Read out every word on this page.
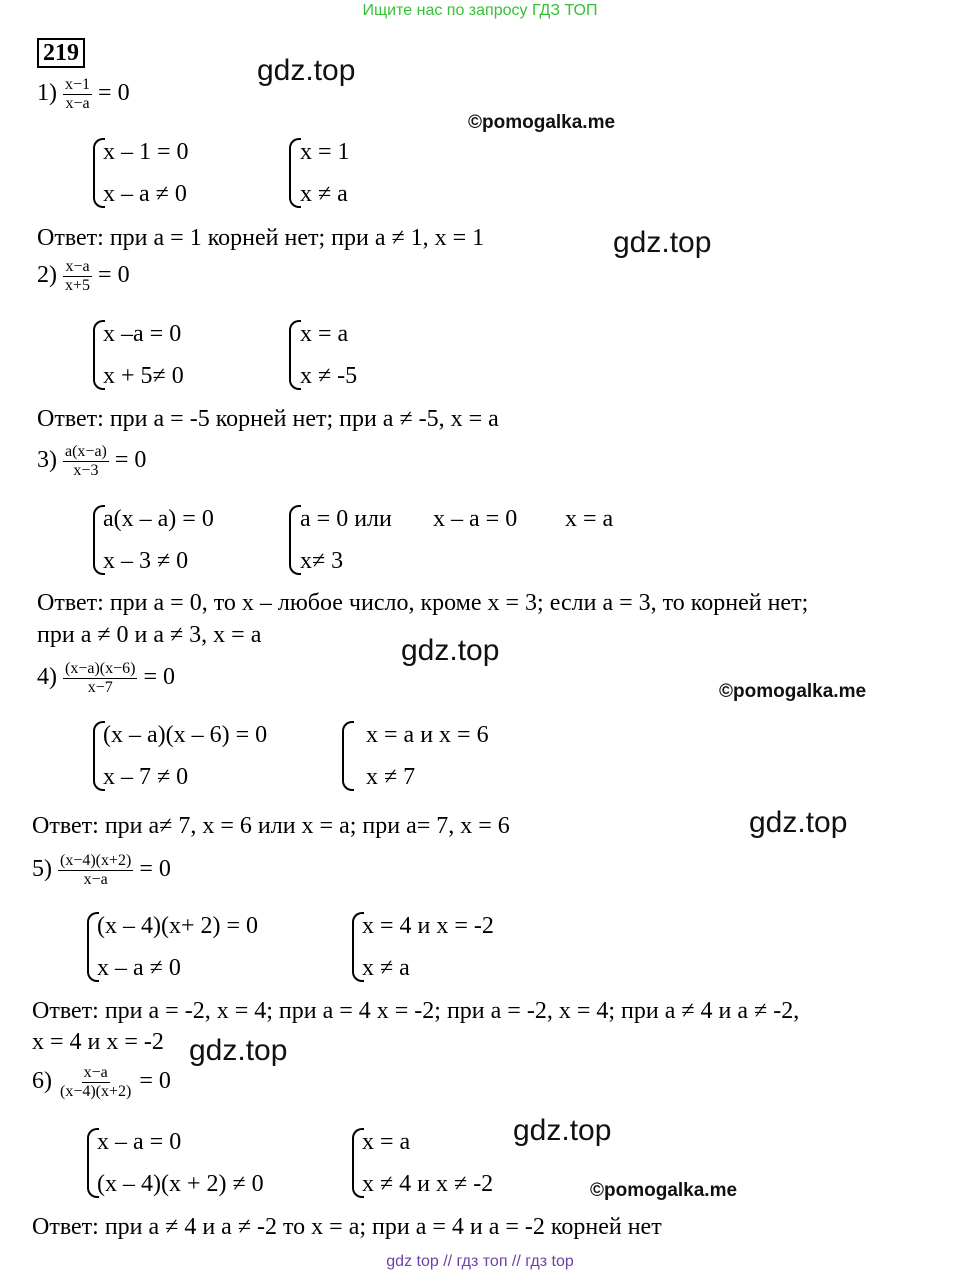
Ищите нас по запросу ГДЗ ТОП
gdz top // гдз топ // гдз top
219
gdz.top
gdz.top
gdz.top
gdz.top
gdz.top
gdz.top
©pomogalka.me
©pomogalka.me
©pomogalka.me
$1) \frac{x-1}{x-a} = 0$
x – 1 = 0
x – a ≠ 0
x = 1
x ≠ a
Ответ: при a = 1 корней нет; при a ≠ 1, x = 1
$2) \frac{x-a}{x+5} = 0$
x –a = 0
x + 5≠ 0
x = a
x ≠ -5
Ответ: при a = -5 корней нет; при a ≠ -5, x = a
$3) \frac{a(x-a)}{x-3} = 0$
a(x – a) = 0
x – 3 ≠ 0
a = 0 или
x≠ 3
x – a = 0 x = a
Ответ: при a = 0, то x – любое число, кроме x = 3; если a = 3, то корней нет;
при a ≠ 0 и a ≠ 3, x = a
$4) \frac{(x-a)(x-6)}{x-7} = 0$
(x – a)(x – 6) = 0
x – 7 ≠ 0
x = a и x = 6
x ≠ 7
Ответ: при a≠ 7, x = 6 или x = a; при a= 7, x = 6
$5) \frac{(x-4)(x+2)}{x-a} = 0$
(x – 4)(x+ 2) = 0
x – a ≠ 0
x = 4 и x = -2
x ≠ a
Ответ: при a = -2, x = 4; при a = 4 x = -2; при a = -2, x = 4; при a ≠ 4 и a ≠ -2,
x = 4 и x = -2
$6) \frac{x-a}{(x-4)(x+2)} = 0$
x – a = 0
(x – 4)(x + 2) ≠ 0
x = a
x ≠ 4 и x ≠ -2
Ответ: при a ≠ 4 и a ≠ -2 то x = a; при a = 4 и a = -2 корней нет
